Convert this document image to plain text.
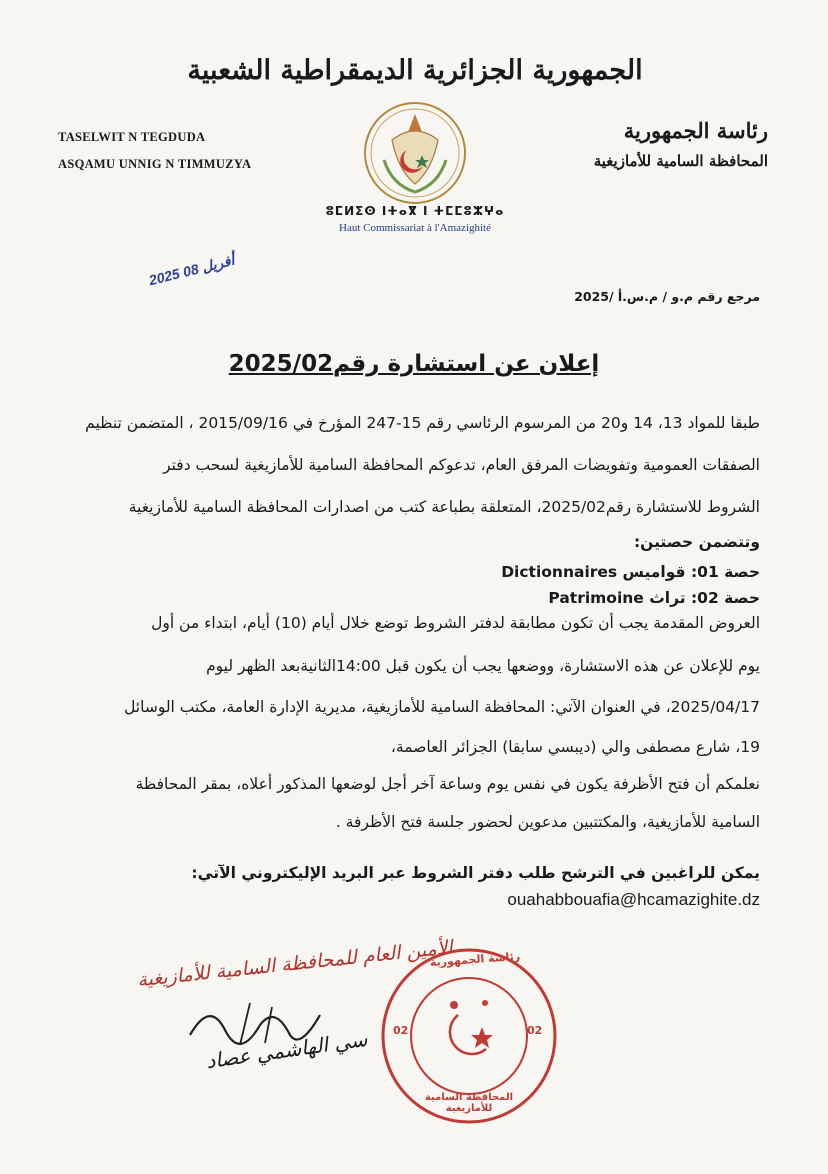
الجمهورية الجزائرية الديمقراطية الشعبية
TASELWIT N TEGDUDA
ASQAMU UNNIG N TIMMUZYA
رئاسة الجمهورية
المحافظة السامية للأمازيغية
ⵓⵎⵍⵉⵙ ⵏⵜⴰⴳ ⵏ ⵜⵎⵎⵓⵣⵖⴰ
Haut Commissariat à l'Amazighité
2025 أفريل 08
مرجع رقم م.و / م.س.أ /2025
إعلان عن استشارة رقم2025/02
طبقا للمواد 13، 14 و20 من المرسوم الرئاسي رقم 15-247 المؤرخ في 2015/09/16 ، المتضمن تنظيم
الصفقات العمومية وتفويضات المرفق العام، تدعوكم المحافظة السامية للأمازيغية لسحب دفتر
الشروط للاستشارة رقم2025/02، المتعلقة بطباعة كتب من اصدارات المحافظة السامية للأمازيغية
وتتضمن حصتين:
حصة 01: قواميس Dictionnaires
حصة 02: تراث Patrimoine
العروض المقدمة يجب أن تكون مطابقة لدفتر الشروط توضع خلال أيام (10) أيام، ابتداء من أول
يوم للإعلان عن هذه الاستشارة، ووضعها يجب أن يكون قبل 14:00الثانيةبعد الظهر ليوم
2025/04/17، في العنوان الآتي: المحافظة السامية للأمازيغية، مديرية الإدارة العامة، مكتب الوسائل
19، شارع مصطفى والي (ديبسي سابقا) الجزائر العاصمة،
نعلمكم أن فتح الأظرفة يكون في نفس يوم وساعة آخر أجل لوضعها المذكور أعلاه، بمقر المحافظة
السامية للأمازيغية، والمكتتبين مدعوين لحضور جلسة فتح الأظرفة .
يمكن للراغبين في الترشح طلب دفتر الشروط عبر البريد الإليكتروني الآتي:
ouahabbouafia@hcamazighite.dz
الأمين العام للمحافظة السامية للأمازيغية
سي الهاشمي عصاد 02	02
رئاسة الجمهورية
المحافظة السامية للأمازيغية
